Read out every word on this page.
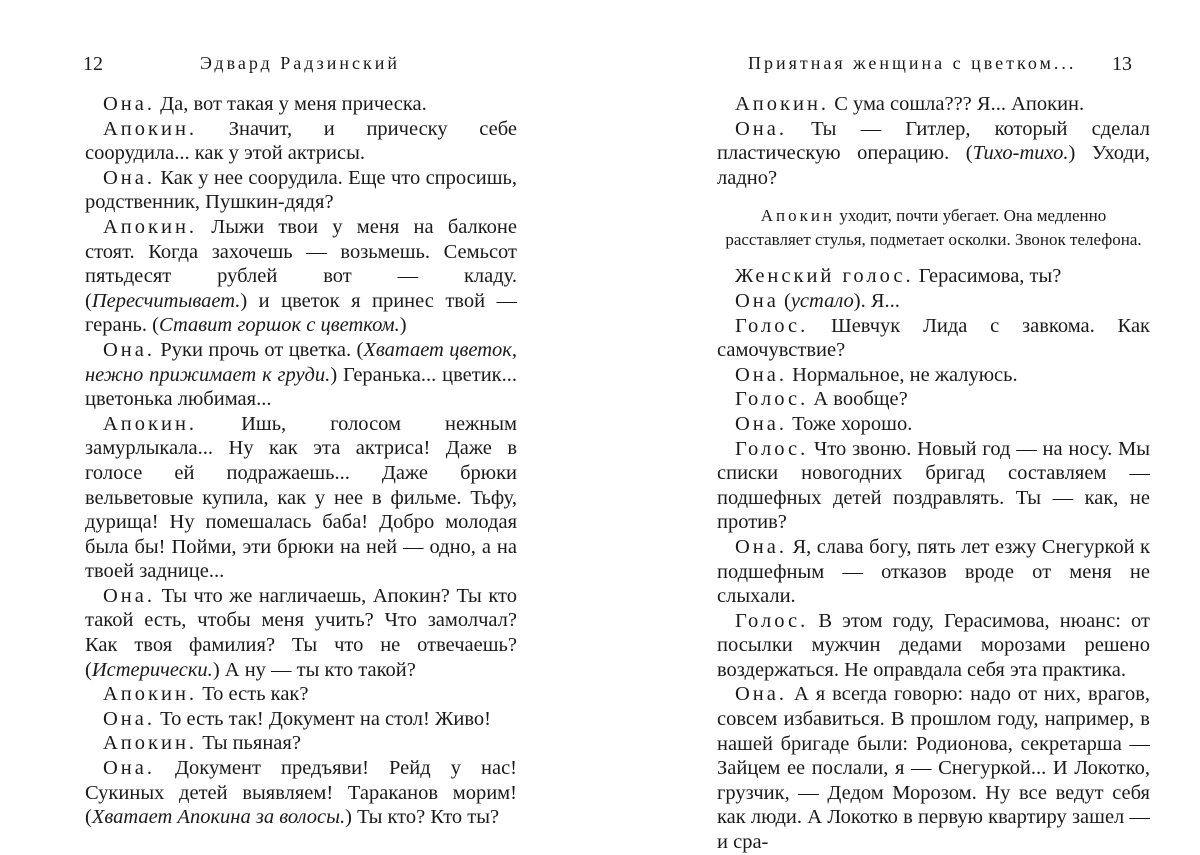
12	Эдвард Радзинский

Она. Да, вот такая у меня прическа.

Апокин. Значит, и прическу себе соорудила... как у этой актрисы.

Она. Как у нее соорудила. Еще что спросишь, родственник, Пушкин-дядя?

Апокин. Лыжи твои у меня на балконе стоят. Когда захочешь — возьмешь. Семьсот пятьдесят рублей вот — кладу. (Пересчитывает.) и цветок я принес твой — герань. (Ставит горшок с цветком.)

Она. Руки прочь от цветка. (Хватает цветок, нежно прижимает к груди.) Геранька... цветик... цветонька любимая...

Апокин. Ишь, голосом нежным замурлыкала... Ну как эта актриса! Даже в голосе ей подражаешь... Даже брюки вельветовые купила, как у нее в фильме. Тьфу, дурища! Ну помешалась баба! Добро молодая была бы! Пойми, эти брюки на ней — одно, а на твоей заднице...

Она. Ты что же нагличаешь, Апокин? Ты кто такой есть, чтобы меня учить? Что замолчал? Как твоя фамилия? Ты что не отвечаешь? (Истерически.) А ну — ты кто такой?

Апокин. То есть как?

Она. То есть так! Документ на стол! Живо!

Апокин. Ты пьяная?

Она. Документ предъяви! Рейд у нас! Сукиных детей выявляем! Тараканов морим! (Хватает Апокина за волосы.) Ты кто? Кто ты?

Приятная женщина с цветком... 13

Апокин. С ума сошла??? Я... Апокин.

Она. Ты — Гитлер, который сделал пластическую операцию. (Тихо-тихо.) Уходи, ладно?

Апокин уходит, почти убегает. Она медленно расставляет стулья, подметает осколки. Звонок телефона.

Женский голос. Герасимова, ты?

Она (устало). Я...

Голос. Шевчук Лида с завкома. Как самочувствие?

Она. Нормальное, не жалуюсь.

Голос. А вообще?

Она. Тоже хорошо.

Голос. Что звоню. Новый год — на носу. Мы списки новогодних бригад составляем — подшефных детей поздравлять. Ты — как, не против?

Она. Я, слава богу, пять лет езжу Снегуркой к подшефным — отказов вроде от меня не слыхали.

Голос. В этом году, Герасимова, нюанс: от посылки мужчин дедами морозами решено воздержаться. Не оправдала себя эта практика.

Она. А я всегда говорю: надо от них, врагов, совсем избавиться. В прошлом году, например, в нашей бригаде были: Родионова, секретарша — Зайцем ее послали, я — Снегуркой... И Локотко, грузчик, — Дедом Морозом. Ну все ведут себя как люди. А Локотко в первую квартиру зашел — и сра-
